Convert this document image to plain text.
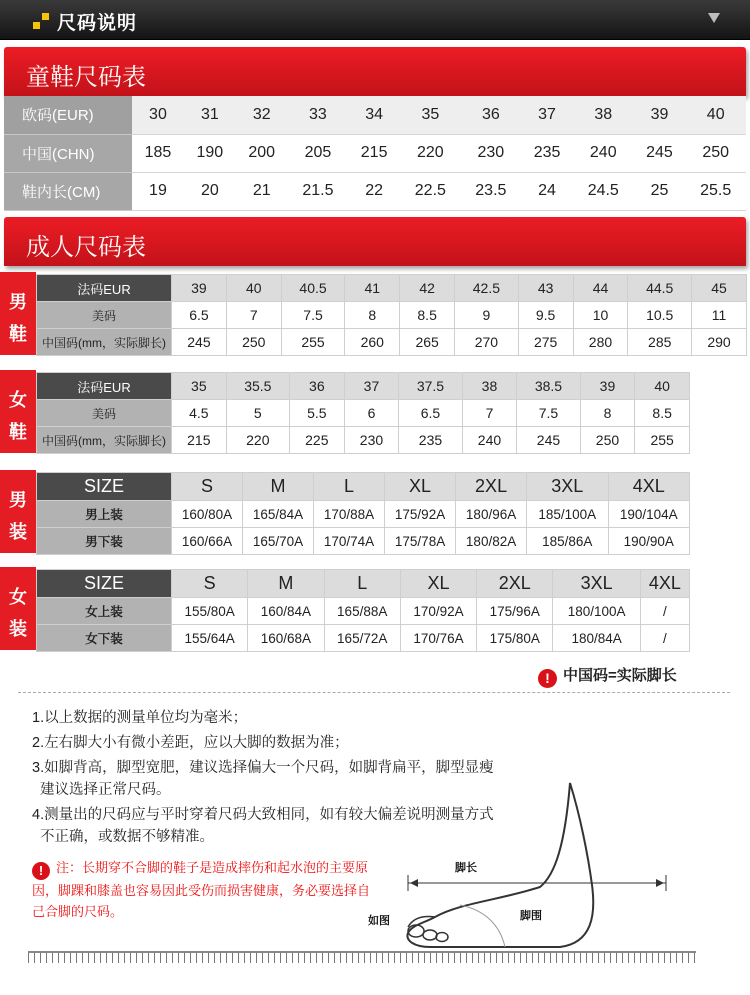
尺码说明
童鞋尺码表
欧码(EUR)	30	31	32	33	34	35	36	37	38	39	40
中国(CHN)	185	190	200	205	215	220	230	235	240	245	250
鞋内长(CM)	19	20	21	21.5	22	22.5	23.5	24	24.5	25	25.5
成人尺码表
男
鞋
法码EUR	39	40	40.5	41	42	42.5	43	44	44.5	45
美码	6.5	7	7.5	8	8.5	9	9.5	10	10.5	11
中国码(mm，实际脚长)	245	250	255	260	265	270	275	280	285	290
女
鞋
法码EUR	35	35.5	36	37	37.5	38	38.5	39	40
美码	4.5	5	5.5	6	6.5	7	7.5	8	8.5
中国码(mm，实际脚长)	215	220	225	230	235	240	245	250	255
男
装
SIZE	S	M	L	XL	2XL	3XL	4XL
男上装	160/80A	165/84A	170/88A	175/92A	180/96A	185/100A	190/104A
男下装	160/66A	165/70A	170/74A	175/78A	180/82A	185/86A	190/90A
女
装
SIZE	S	M	L	XL	2XL	3XL	4XL
女上装	155/80A	160/84A	165/88A	170/92A	175/96A	180/100A	/
女下装	155/64A	160/68A	165/72A	170/76A	175/80A	180/84A	/
! 中国码=实际脚长
1.以上数据的测量单位均为毫米；
2.左右脚大小有微小差距，应以大脚的数据为准；
3.如脚背高，脚型宽肥，建议选择偏大一个尺码，如脚背扁平，脚型显瘦
建议选择正常尺码。
4.测量出的尺码应与平时穿着尺码大致相同，如有较大偏差说明测量方式
不正确，或数据不够精准。
! 注：长期穿不合脚的鞋子是造成摔伤和起水泡的主要原因，脚踝和膝盖也容易因此受伤而损害健康，务必要选择自己合脚的尺码。
脚长
脚围
如图
